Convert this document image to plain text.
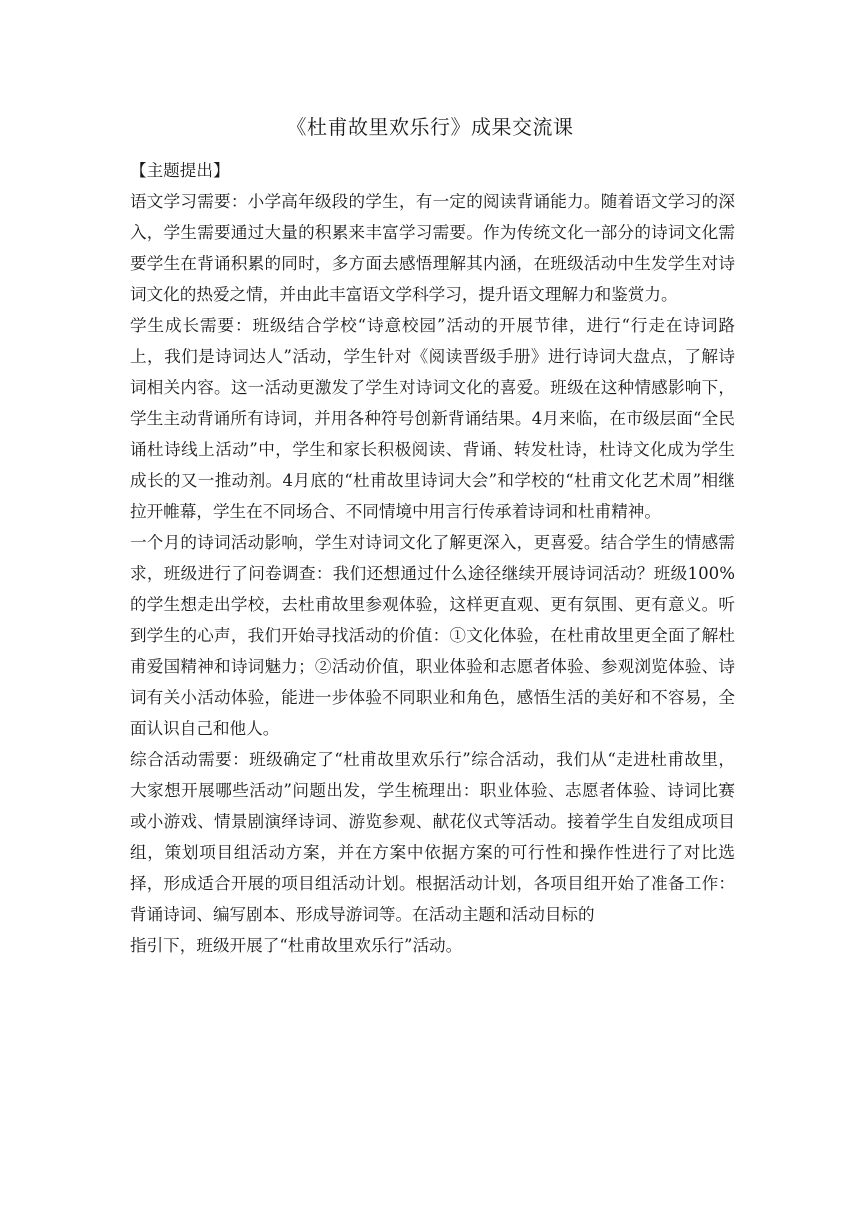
《杜甫故里欢乐行》成果交流课

【主题提出】

语文学习需要：小学高年级段的学生，有一定的阅读背诵能力。随着语文学习的深入，学生需要通过大量的积累来丰富学习需要。作为传统文化一部分的诗词文化需要学生在背诵积累的同时，多方面去感悟理解其内涵，在班级活动中生发学生对诗词文化的热爱之情，并由此丰富语文学科学习，提升语文理解力和鉴赏力。

学生成长需要：班级结合学校“诗意校园”活动的开展节律，进行“行走在诗词路上，我们是诗词达人”活动，学生针对《阅读晋级手册》进行诗词大盘点，了解诗词相关内容。这一活动更激发了学生对诗词文化的喜爱。班级在这种情感影响下，学生主动背诵所有诗词，并用各种符号创新背诵结果。4月来临，在市级层面“全民诵杜诗线上活动”中，学生和家长积极阅读、背诵、转发杜诗，杜诗文化成为学生成长的又一推动剂。4月底的“杜甫故里诗词大会”和学校的“杜甫文化艺术周”相继拉开帷幕，学生在不同场合、不同情境中用言行传承着诗词和杜甫精神。

一个月的诗词活动影响，学生对诗词文化了解更深入，更喜爱。结合学生的情感需求，班级进行了问卷调查：我们还想通过什么途径继续开展诗词活动？班级100%的学生想走出学校，去杜甫故里参观体验，这样更直观、更有氛围、更有意义。听到学生的心声，我们开始寻找活动的价值：①文化体验，在杜甫故里更全面了解杜甫爱国精神和诗词魅力；②活动价值，职业体验和志愿者体验、参观浏览体验、诗词有关小活动体验，能进一步体验不同职业和角色，感悟生活的美好和不容易，全面认识自己和他人。

综合活动需要：班级确定了“杜甫故里欢乐行”综合活动，我们从“走进杜甫故里，大家想开展哪些活动”问题出发，学生梳理出：职业体验、志愿者体验、诗词比赛或小游戏、情景剧演绎诗词、游览参观、献花仪式等活动。接着学生自发组成项目组，策划项目组活动方案，并在方案中依据方案的可行性和操作性进行了对比选择，形成适合开展的项目组活动计划。根据活动计划，各项目组开始了准备工作：背诵诗词、编写剧本、形成导游词等。在活动主题和活动目标的

指引下，班级开展了“杜甫故里欢乐行”活动。
